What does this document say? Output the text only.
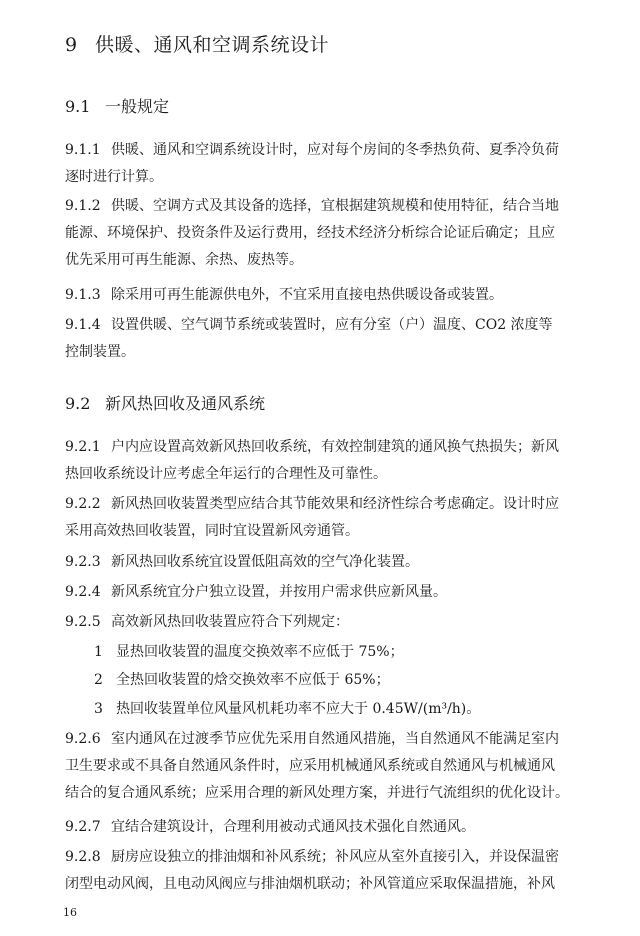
9 供暖、通风和空调系统设计
9.1 一般规定
9.1.1 供暖、通风和空调系统设计时，应对每个房间的冬季热负荷、夏季冷负荷
逐时进行计算。
9.1.2 供暖、空调方式及其设备的选择，宜根据建筑规模和使用特征，结合当地
能源、环境保护、投资条件及运行费用，经技术经济分析综合论证后确定；且应
优先采用可再生能源、余热、废热等。
9.1.3 除采用可再生能源供电外，不宜采用直接电热供暖设备或装置。
9.1.4 设置供暖、空气调节系统或装置时，应有分室（户）温度、CO2 浓度等
控制装置。
9.2 新风热回收及通风系统
9.2.1 户内应设置高效新风热回收系统，有效控制建筑的通风换气热损失；新风
热回收系统设计应考虑全年运行的合理性及可靠性。
9.2.2 新风热回收装置类型应结合其节能效果和经济性综合考虑确定。设计时应
采用高效热回收装置，同时宜设置新风旁通管。
9.2.3 新风热回收系统宜设置低阻高效的空气净化装置。
9.2.4 新风系统宜分户独立设置，并按用户需求供应新风量。
9.2.5 高效新风热回收装置应符合下列规定：
1 显热回收装置的温度交换效率不应低于 75%；
2 全热回收装置的焓交换效率不应低于 65%；
3 热回收装置单位风量风机耗功率不应大于 0.45W/(m³/h)。
9.2.6 室内通风在过渡季节应优先采用自然通风措施，当自然通风不能满足室内
卫生要求或不具备自然通风条件时，应采用机械通风系统或自然通风与机械通风
结合的复合通风系统；应采用合理的新风处理方案，并进行气流组织的优化设计。
9.2.7 宜结合建筑设计，合理利用被动式通风技术强化自然通风。
9.2.8 厨房应设独立的排油烟和补风系统；补风应从室外直接引入，并设保温密
闭型电动风阀，且电动风阀应与排油烟机联动；补风管道应采取保温措施，补风
16
